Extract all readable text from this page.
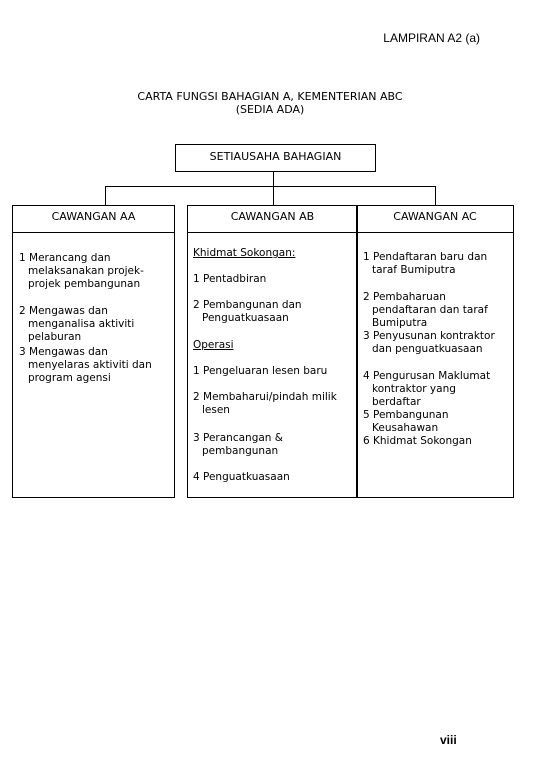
LAMPIRAN A2 (a)
CARTA FUNGSI BAHAGIAN A, KEMENTERIAN ABC
(SEDIA ADA)
SETIAUSAHA BAHAGIAN
CAWANGAN AA
1 Merancang dan melaksanakan projek-projek pembangunan
2 Mengawas dan menganalisa aktiviti pelaburan
3 Mengawas dan menyelaras aktiviti dan program agensi
CAWANGAN AB
Khidmat Sokongan:
1 Pentadbiran
2 Pembangunan dan Penguatkuasaan
Operasi
1 Pengeluaran lesen baru
2 Membaharui/pindah milik lesen
3 Perancangan & pembangunan
4 Penguatkuasaan
CAWANGAN AC
1 Pendaftaran baru dan taraf Bumiputra
2 Pembaharuan pendaftaran dan taraf Bumiputra
3 Penyusunan kontraktor dan penguatkuasaan
4 Pengurusan Maklumat kontraktor yang berdaftar
5 Pembangunan Keusahawan
6 Khidmat Sokongan
viii
